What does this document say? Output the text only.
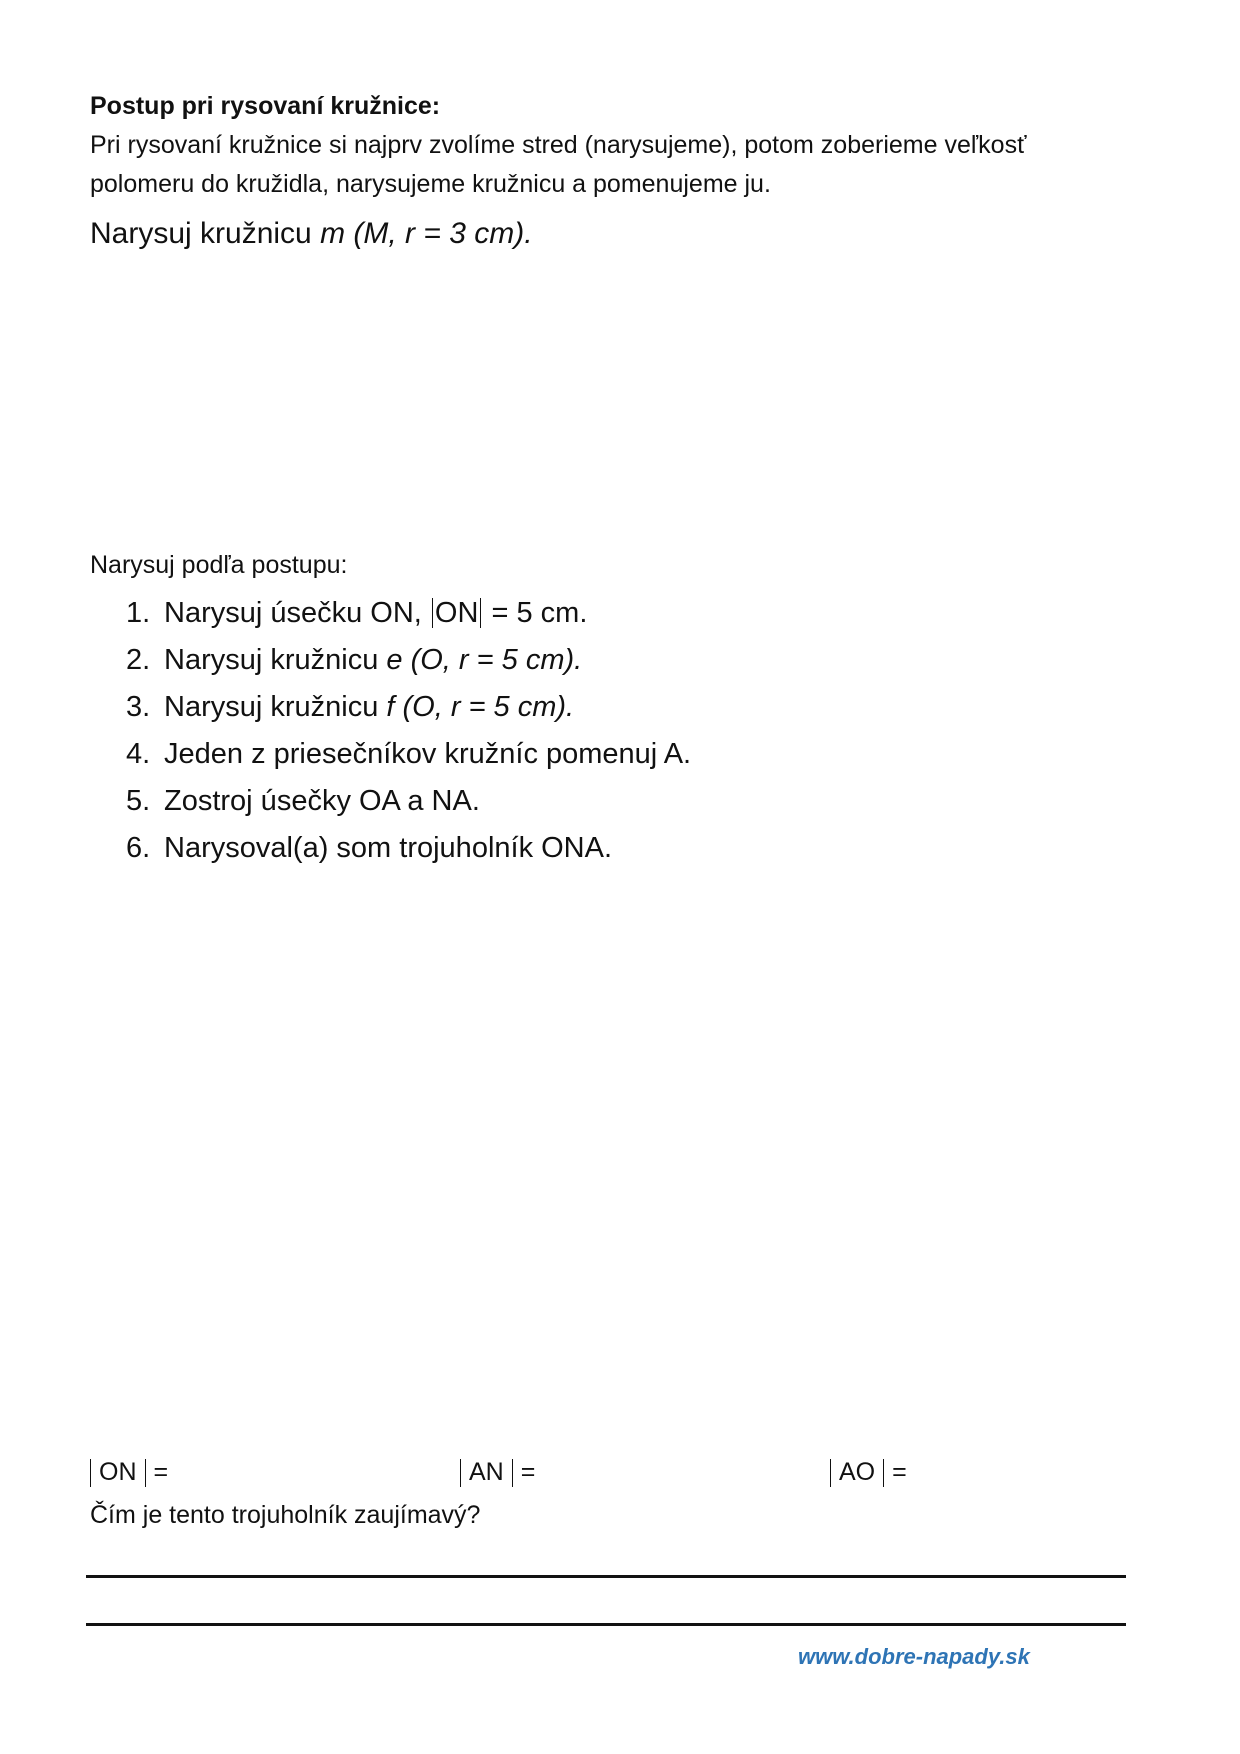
Postup pri rysovaní kružnice:
Pri rysovaní kružnice si najprv zvolíme stred (narysujeme), potom zoberieme veľkosť
polomeru do kružidla, narysujeme kružnicu a pomenujeme ju.
Narysuj kružnicu m (M, r = 3 cm).
Narysuj podľa postupu:
1. Narysuj úsečku ON, ON = 5 cm.
2. Narysuj kružnicu e (O, r = 5 cm).
3. Narysuj kružnicu f (O, r = 5 cm).
4. Jeden z priesečníkov kružníc pomenuj A.
5. Zostroj úsečky OA a NA.
6. Narysoval(a) som trojuholník ONA.
ON =	AN =	AO =
Čím je tento trojuholník zaujímavý?
www.dobre-napady.sk
